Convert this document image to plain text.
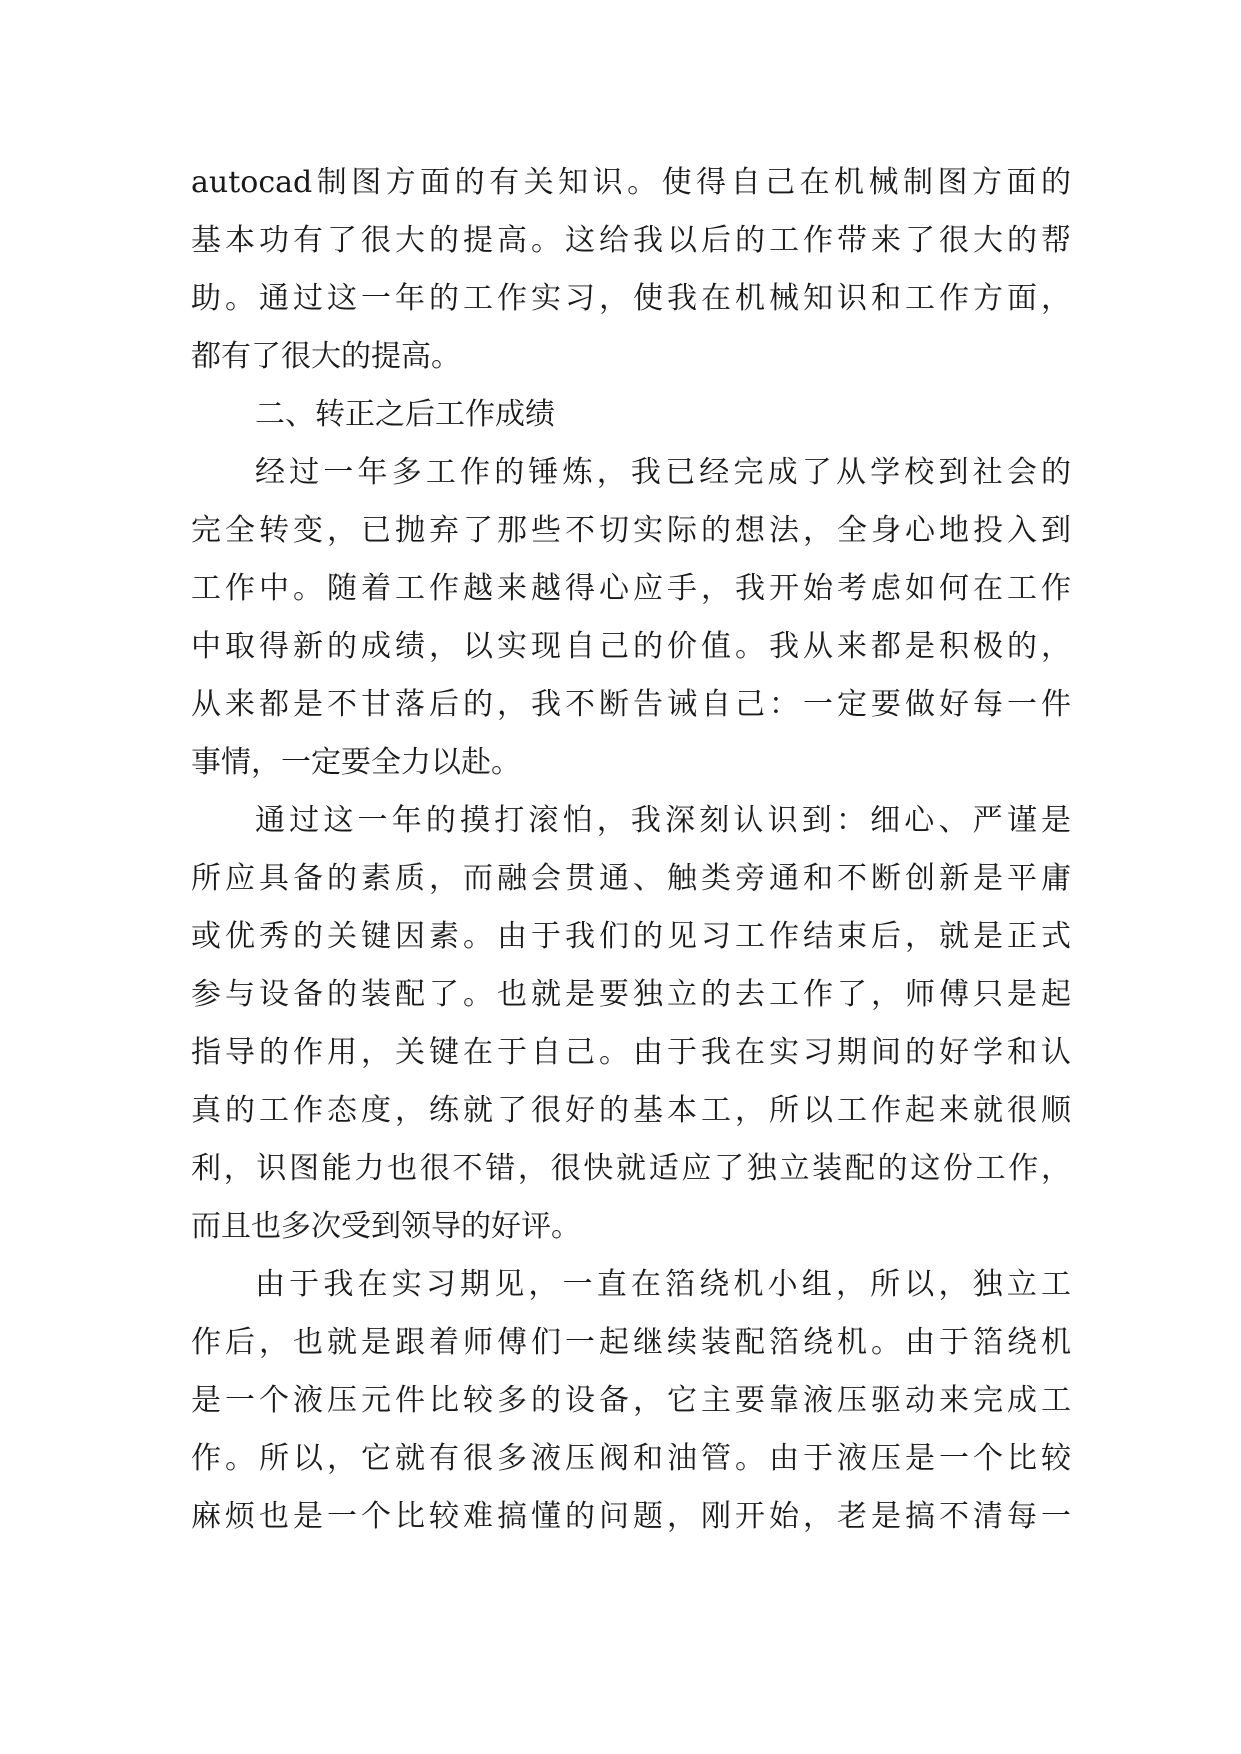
autocad制图方面的有关知识。使得自己在机械制图方面的
基本功有了很大的提高。这给我以后的工作带来了很大的帮
助。通过这一年的工作实习，使我在机械知识和工作方面，
都有了很大的提高。
二、转正之后工作成绩
经过一年多工作的锤炼，我已经完成了从学校到社会的
完全转变，已抛弃了那些不切实际的想法，全身心地投入到
工作中。随着工作越来越得心应手，我开始考虑如何在工作
中取得新的成绩，以实现自己的价值。我从来都是积极的，
从来都是不甘落后的，我不断告诫自己：一定要做好每一件
事情，一定要全力以赴。
通过这一年的摸打滚怕，我深刻认识到：细心、严谨是
所应具备的素质，而融会贯通、触类旁通和不断创新是平庸
或优秀的关键因素。由于我们的见习工作结束后，就是正式
参与设备的装配了。也就是要独立的去工作了，师傅只是起
指导的作用，关键在于自己。由于我在实习期间的好学和认
真的工作态度，练就了很好的基本工，所以工作起来就很顺
利，识图能力也很不错，很快就适应了独立装配的这份工作，
而且也多次受到领导的好评。
由于我在实习期见，一直在箔绕机小组，所以，独立工
作后，也就是跟着师傅们一起继续装配箔绕机。由于箔绕机
是一个液压元件比较多的设备，它主要靠液压驱动来完成工
作。所以，它就有很多液压阀和油管。由于液压是一个比较
麻烦也是一个比较难搞懂的问题，刚开始，老是搞不清每一
